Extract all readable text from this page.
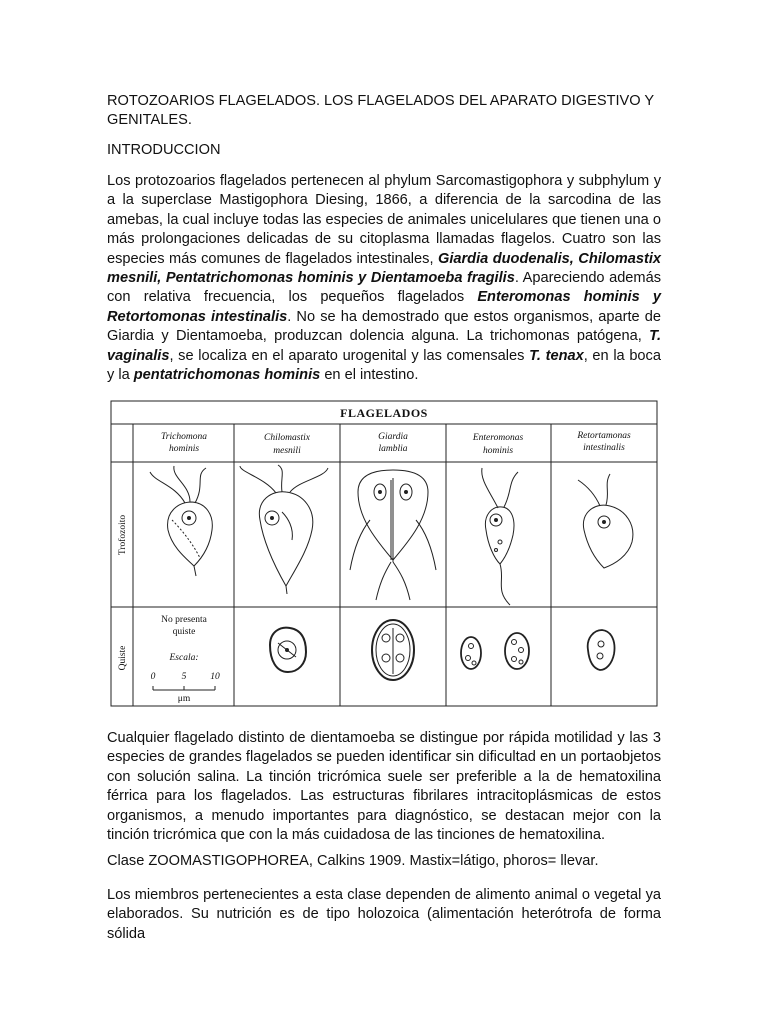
ROTOZOARIOS FLAGELADOS. LOS FLAGELADOS DEL APARATO DIGESTIVO Y GENITALES.
INTRODUCCION
Los protozoarios flagelados pertenecen al phylum Sarcomastigophora y subphylum y a la superclase Mastigophora Diesing, 1866, a diferencia de la sarcodina de las amebas, la cual incluye todas las especies de animales unicelulares que tienen una o más prolongaciones delicadas de su citoplasma llamadas flagelos. Cuatro son las especies más comunes de flagelados intestinales, Giardia duodenalis, Chilomastix mesnili, Pentatrichomonas hominis y Dientamoeba fragilis. Apareciendo además con relativa frecuencia, los pequeños flagelados Enteromonas hominis y Retortomonas intestinalis. No se ha demostrado que estos organismos, aparte de Giardia y Dientamoeba, produzcan dolencia alguna. La trichomonas patógena, T. vaginalis, se localiza en el aparato urogenital y las comensales T. tenax, en la boca y la pentatrichomonas hominis en el intestino.
FLAGELADOS
Trichomona
hominis
Chilomastix
mesnili
Giardia
lamblia
Enteromonas
hominis
Retortamonas
intestinalis
Trofozoito
Quiste
No presenta
quiste
Escala:
0	5	10
μm
Cualquier flagelado distinto de dientamoeba se distingue por rápida motilidad y las 3 especies de grandes flagelados se pueden identificar sin dificultad en un portaobjetos con solución salina. La tinción tricrómica suele ser preferible a la de hematoxilina férrica para los flagelados. Las estructuras fibrilares intracitoplásmicas de estos organismos, a menudo importantes para diagnóstico, se destacan mejor con la tinción tricrómica que con la más cuidadosa de las tinciones de hematoxilina.
Clase ZOOMASTIGOPHOREA, Calkins 1909. Mastix=látigo, phoros= llevar.
Los miembros pertenecientes a esta clase dependen de alimento animal o vegetal ya elaborados. Su nutrición es de tipo holozoica (alimentación heterótrofa de forma sólida
